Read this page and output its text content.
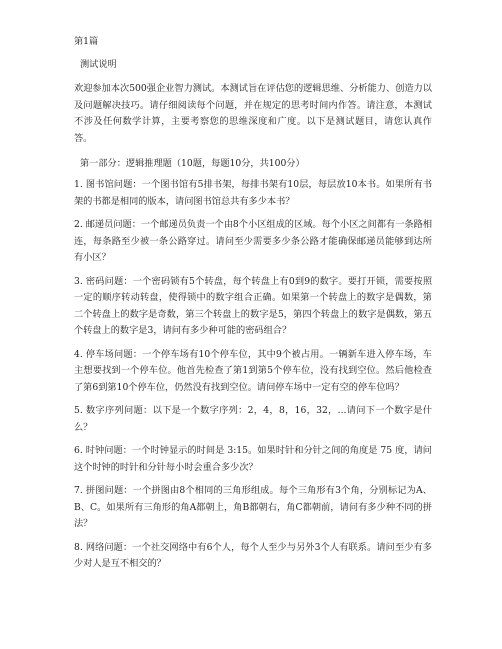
第1篇
测试说明
欢迎参加本次500强企业智力测试。本测试旨在评估您的逻辑思维、分析能力、创造力以及问题解决技巧。请仔细阅读每个问题，并在规定的思考时间内作答。请注意，本测试不涉及任何数学计算，主要考察您的思维深度和广度。以下是测试题目，请您认真作答。
第一部分：逻辑推理题（10题，每题10分，共100分）
1. 图书馆问题：一个图书馆有5排书架，每排书架有10层，每层放10本书。如果所有书架的书都是相同的版本，请问图书馆总共有多少本书？
2. 邮递员问题：一个邮递员负责一个由8个小区组成的区域。每个小区之间都有一条路相连，每条路至少被一条公路穿过。请问至少需要多少条公路才能确保邮递员能够到达所有小区？
3. 密码问题：一个密码锁有5个转盘，每个转盘上有0到9的数字。要打开锁，需要按照一定的顺序转动转盘，使得锁中的数字组合正确。如果第一个转盘上的数字是偶数，第二个转盘上的数字是奇数，第三个转盘上的数字是5，第四个转盘上的数字是偶数，第五个转盘上的数字是3，请问有多少种可能的密码组合？
4. 停车场问题：一个停车场有10个停车位，其中9个被占用。一辆新车进入停车场，车主想要找到一个停车位。他首先检查了第1到第5个停车位，没有找到空位。然后他检查了第6到第10个停车位，仍然没有找到空位。请问停车场中一定有空的停车位吗？
5. 数字序列问题：以下是一个数字序列：2，4，8，16，32，...请问下一个数字是什么？
6. 时钟问题：一个时钟显示的时间是 3:15。如果时针和分针之间的角度是 75 度，请问这个时钟的时针和分针每小时会重合多少次？
7. 拼图问题：一个拼图由8个相同的三角形组成。每个三角形有3个角，分别标记为A、B、C。如果所有三角形的角A都朝上，角B都朝右，角C都朝前，请问有多少种不同的拼法？
8. 网络问题：一个社交网络中有6个人，每个人至少与另外3个人有联系。请问至少有多少对人是互不相交的？
